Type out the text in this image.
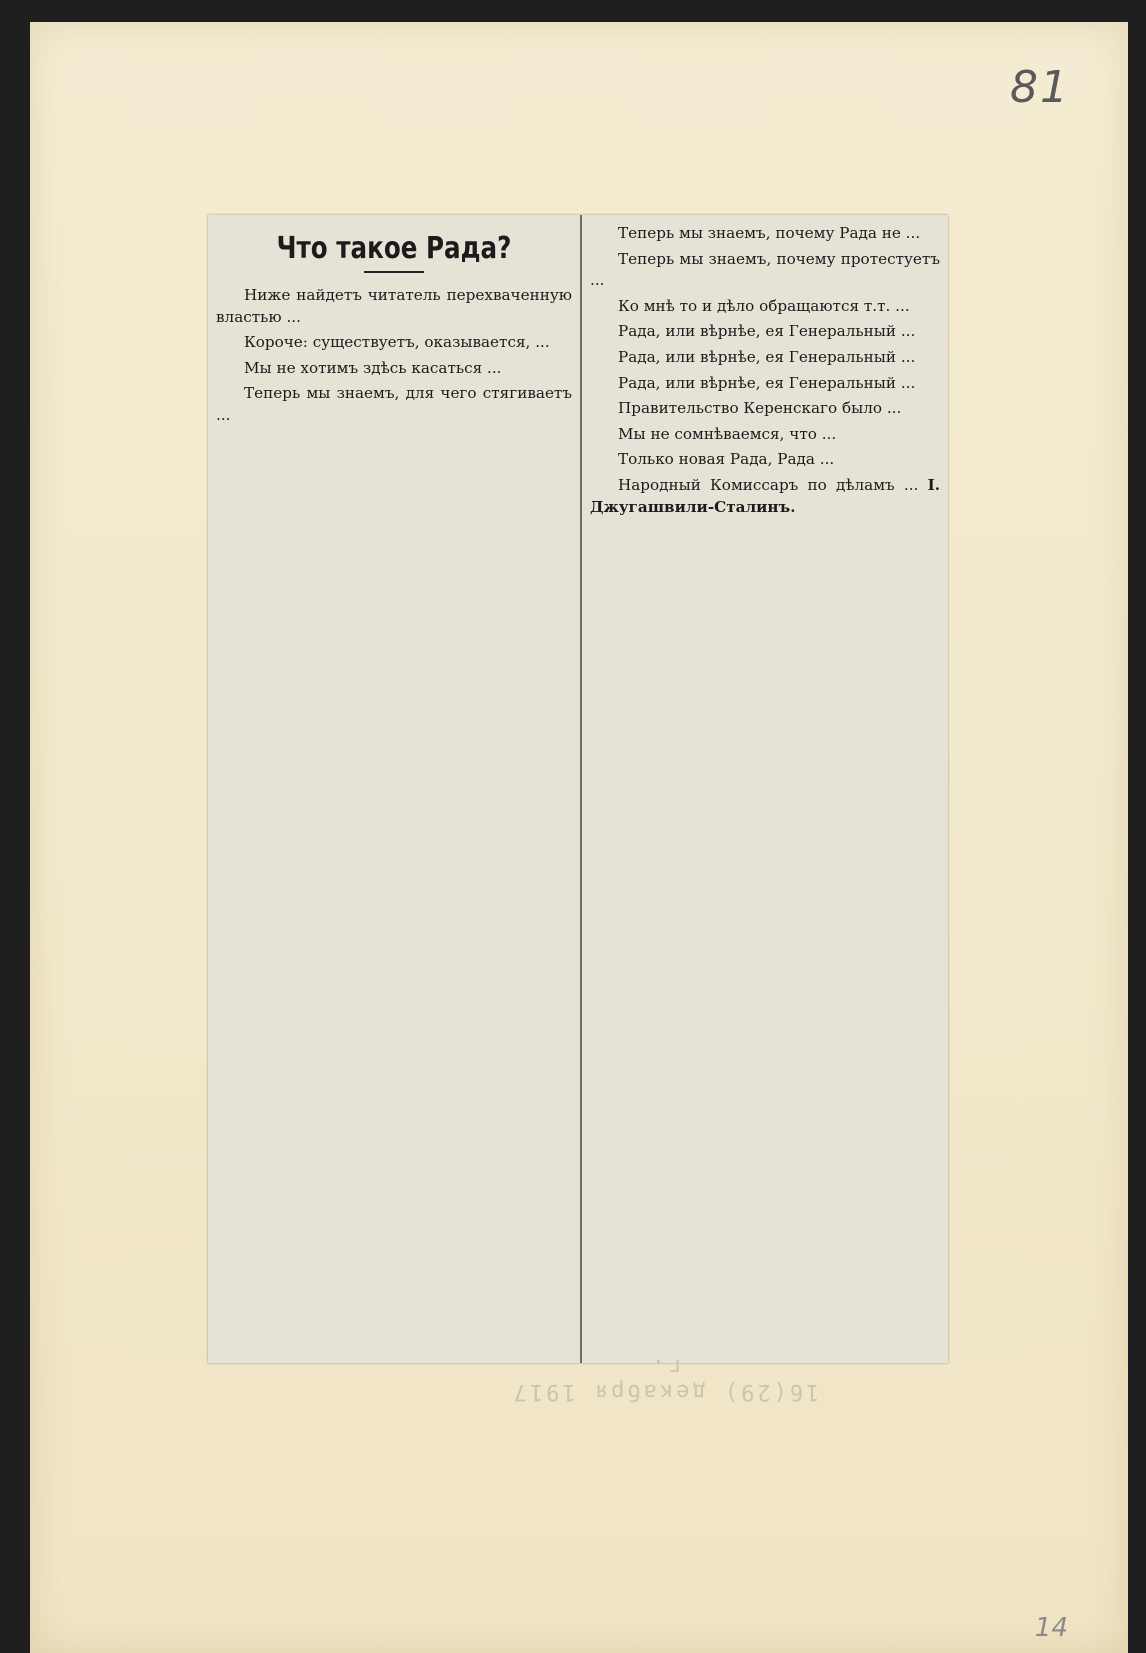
81
Что такое Рада?

Ниже найдетъ читатель перехваченную властью ...

Короче: существуетъ, оказывается, ...

Мы не хотимъ здѣсь касаться ...

Теперь мы знаемъ, для чего стягиваетъ ...

Теперь мы знаемъ, почему Рада не ...

Теперь мы знаемъ, почему протестуетъ ...

Ко мнѣ то и дѣло обращаются т.т. ...

Рада, или вѣрнѣе, ея Генеральный ...

Рада, или вѣрнѣе, ея Генеральный ...

Рада, или вѣрнѣе, ея Генеральный ...

Правительство Керенскаго было ...

Мы не сомнѣваемся, что ...

Только новая Рада, Рада ...

Народный Комиссаръ по дѣламъ ... I. Джугашвили-Сталинъ.

16(29) декабря 1917 г.
14
